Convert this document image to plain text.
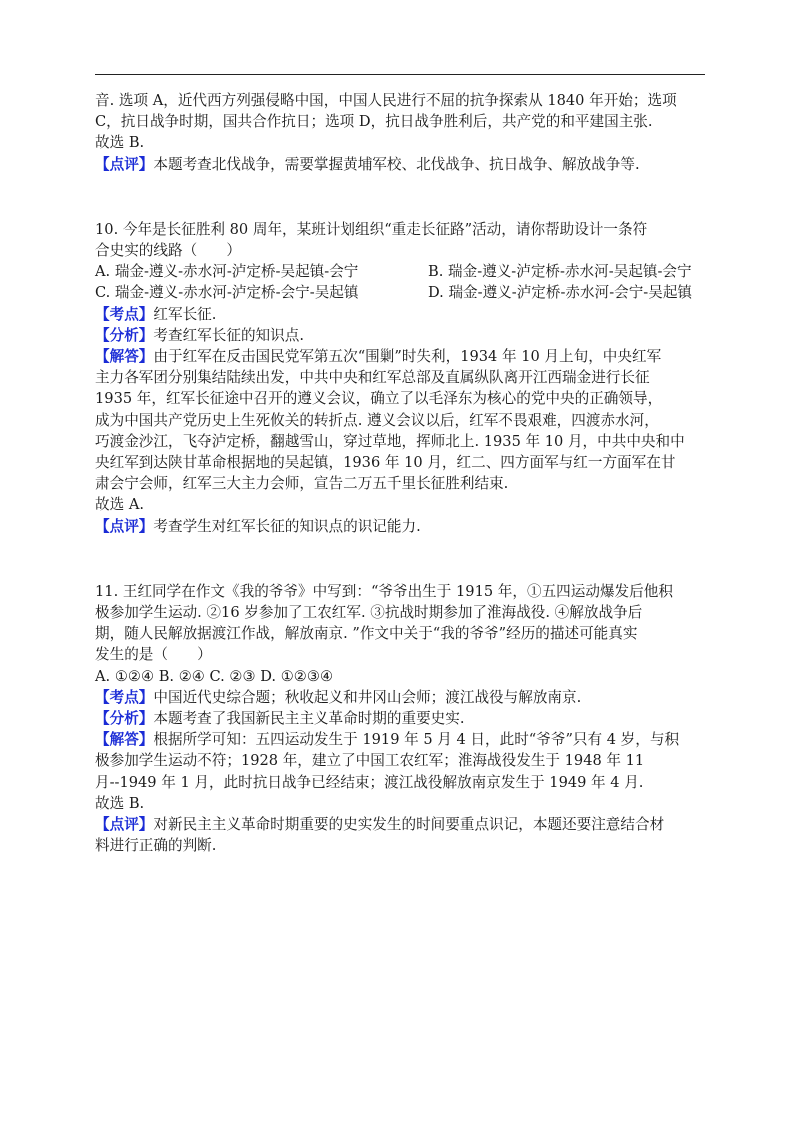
音. 选项 A，近代西方列强侵略中国，中国人民进行不屈的抗争探索从 1840 年开始；选项
C，抗日战争时期，国共合作抗日；选项 D，抗日战争胜利后，共产党的和平建国主张.
故选 B.
【点评】本题考查北伐战争，需要掌握黄埔军校、北伐战争、抗日战争、解放战争等.
10. 今年是长征胜利 80 周年，某班计划组织“重走长征路”活动，请你帮助设计一条符
合史实的线路（　　）
A. 瑞金-遵义-赤水河-泸定桥-吴起镇-会宁	B. 瑞金-遵义-泸定桥-赤水河-吴起镇-会宁
C. 瑞金-遵义-赤水河-泸定桥-会宁-吴起镇	D. 瑞金-遵义-泸定桥-赤水河-会宁-吴起镇
【考点】红军长征.
【分析】考查红军长征的知识点.
【解答】由于红军在反击国民党军第五次“围剿”时失利，1934 年 10 月上旬，中央红军
主力各军团分别集结陆续出发，中共中央和红军总部及直属纵队离开江西瑞金进行长征
1935 年，红军长征途中召开的遵义会议，确立了以毛泽东为核心的党中央的正确领导，
成为中国共产党历史上生死攸关的转折点. 遵义会议以后，红军不畏艰难，四渡赤水河，
巧渡金沙江，飞夺泸定桥，翻越雪山，穿过草地，挥师北上. 1935 年 10 月，中共中央和中
央红军到达陕甘革命根据地的吴起镇，1936 年 10 月，红二、四方面军与红一方面军在甘
肃会宁会师，红军三大主力会师，宣告二万五千里长征胜利结束.
故选 A.
【点评】考查学生对红军长征的知识点的识记能力.
11. 王红同学在作文《我的爷爷》中写到：“爷爷出生于 1915 年，①五四运动爆发后他积
极参加学生运动. ②16 岁参加了工农红军. ③抗战时期参加了淮海战役. ④解放战争后
期，随人民解放据渡江作战，解放南京. ”作文中关于“我的爷爷”经历的描述可能真实
发生的是（　　）
A. ①②④ B. ②④ C. ②③ D. ①②③④
【考点】中国近代史综合题；秋收起义和井冈山会师；渡江战役与解放南京.
【分析】本题考查了我国新民主主义革命时期的重要史实.
【解答】根据所学可知：五四运动发生于 1919 年 5 月 4 日，此时“爷爷”只有 4 岁，与积
极参加学生运动不符；1928 年，建立了中国工农红军；淮海战役发生于 1948 年 11
月--1949 年 1 月，此时抗日战争已经结束；渡江战役解放南京发生于 1949 年 4 月.
故选 B.
【点评】对新民主主义革命时期重要的史实发生的时间要重点识记，本题还要注意结合材
料进行正确的判断.
